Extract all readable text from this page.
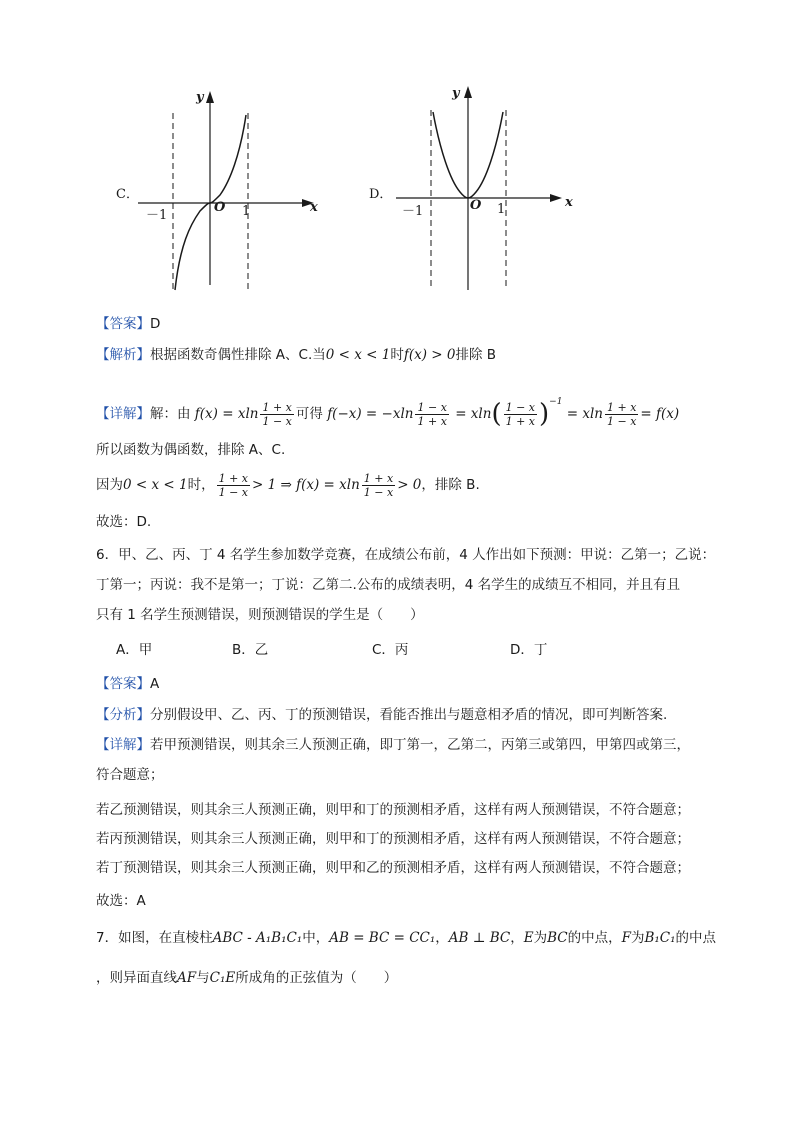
C．
y
x
O
－1	1
D．
y
x
O
－1	1
【答案】D
【解析】根据函数奇偶性排除 A、C.当0 < x < 1时f(x) > 0排除 B
【详解】解：由 f(x) = xln $\frac{1 + x}{1 - x}$ 可得 $f(-x) = -xln \frac{1 - x}{1 + x} = xln( \frac{1 - x}{1 + x} )^{-1} = xln \frac{1 + x}{1 - x} = f(x)$
所以函数为偶函数，排除 A、C.
因为0 < x < 1时， $\frac{1 + x}{1 - x} > 1$ ⇒ f(x) = xln $\frac{1 + x}{1 - x} > 0$，排除 B.
故选：D.
6．甲、乙、丙、丁 4 名学生参加数学竞赛，在成绩公布前，4 人作出如下预测：甲说：乙第一；乙说：
丁第一；丙说：我不是第一；丁说：乙第二.公布的成绩表明，4 名学生的成绩互不相同，并且有且
只有 1 名学生预测错误，则预测错误的学生是（　　）
A．甲	B．乙	C．丙	D．丁
【答案】A
【分析】分别假设甲、乙、丙、丁的预测错误，看能否推出与题意相矛盾的情况，即可判断答案.
【详解】若甲预测错误，则其余三人预测正确，即丁第一，乙第二，丙第三或第四，甲第四或第三，
符合题意；
若乙预测错误，则其余三人预测正确，则甲和丁的预测相矛盾，这样有两人预测错误，不符合题意；
若丙预测错误，则其余三人预测正确，则甲和丁的预测相矛盾，这样有两人预测错误，不符合题意；
若丁预测错误，则其余三人预测正确，则甲和乙的预测相矛盾，这样有两人预测错误，不符合题意；
故选：A
7．如图，在直棱柱ABC - A₁B₁C₁中，AB = BC = CC₁，AB ⊥ BC，E为BC的中点，F为B₁C₁的中点
，则异面直线AF与C₁E所成角的正弦值为（　　）
